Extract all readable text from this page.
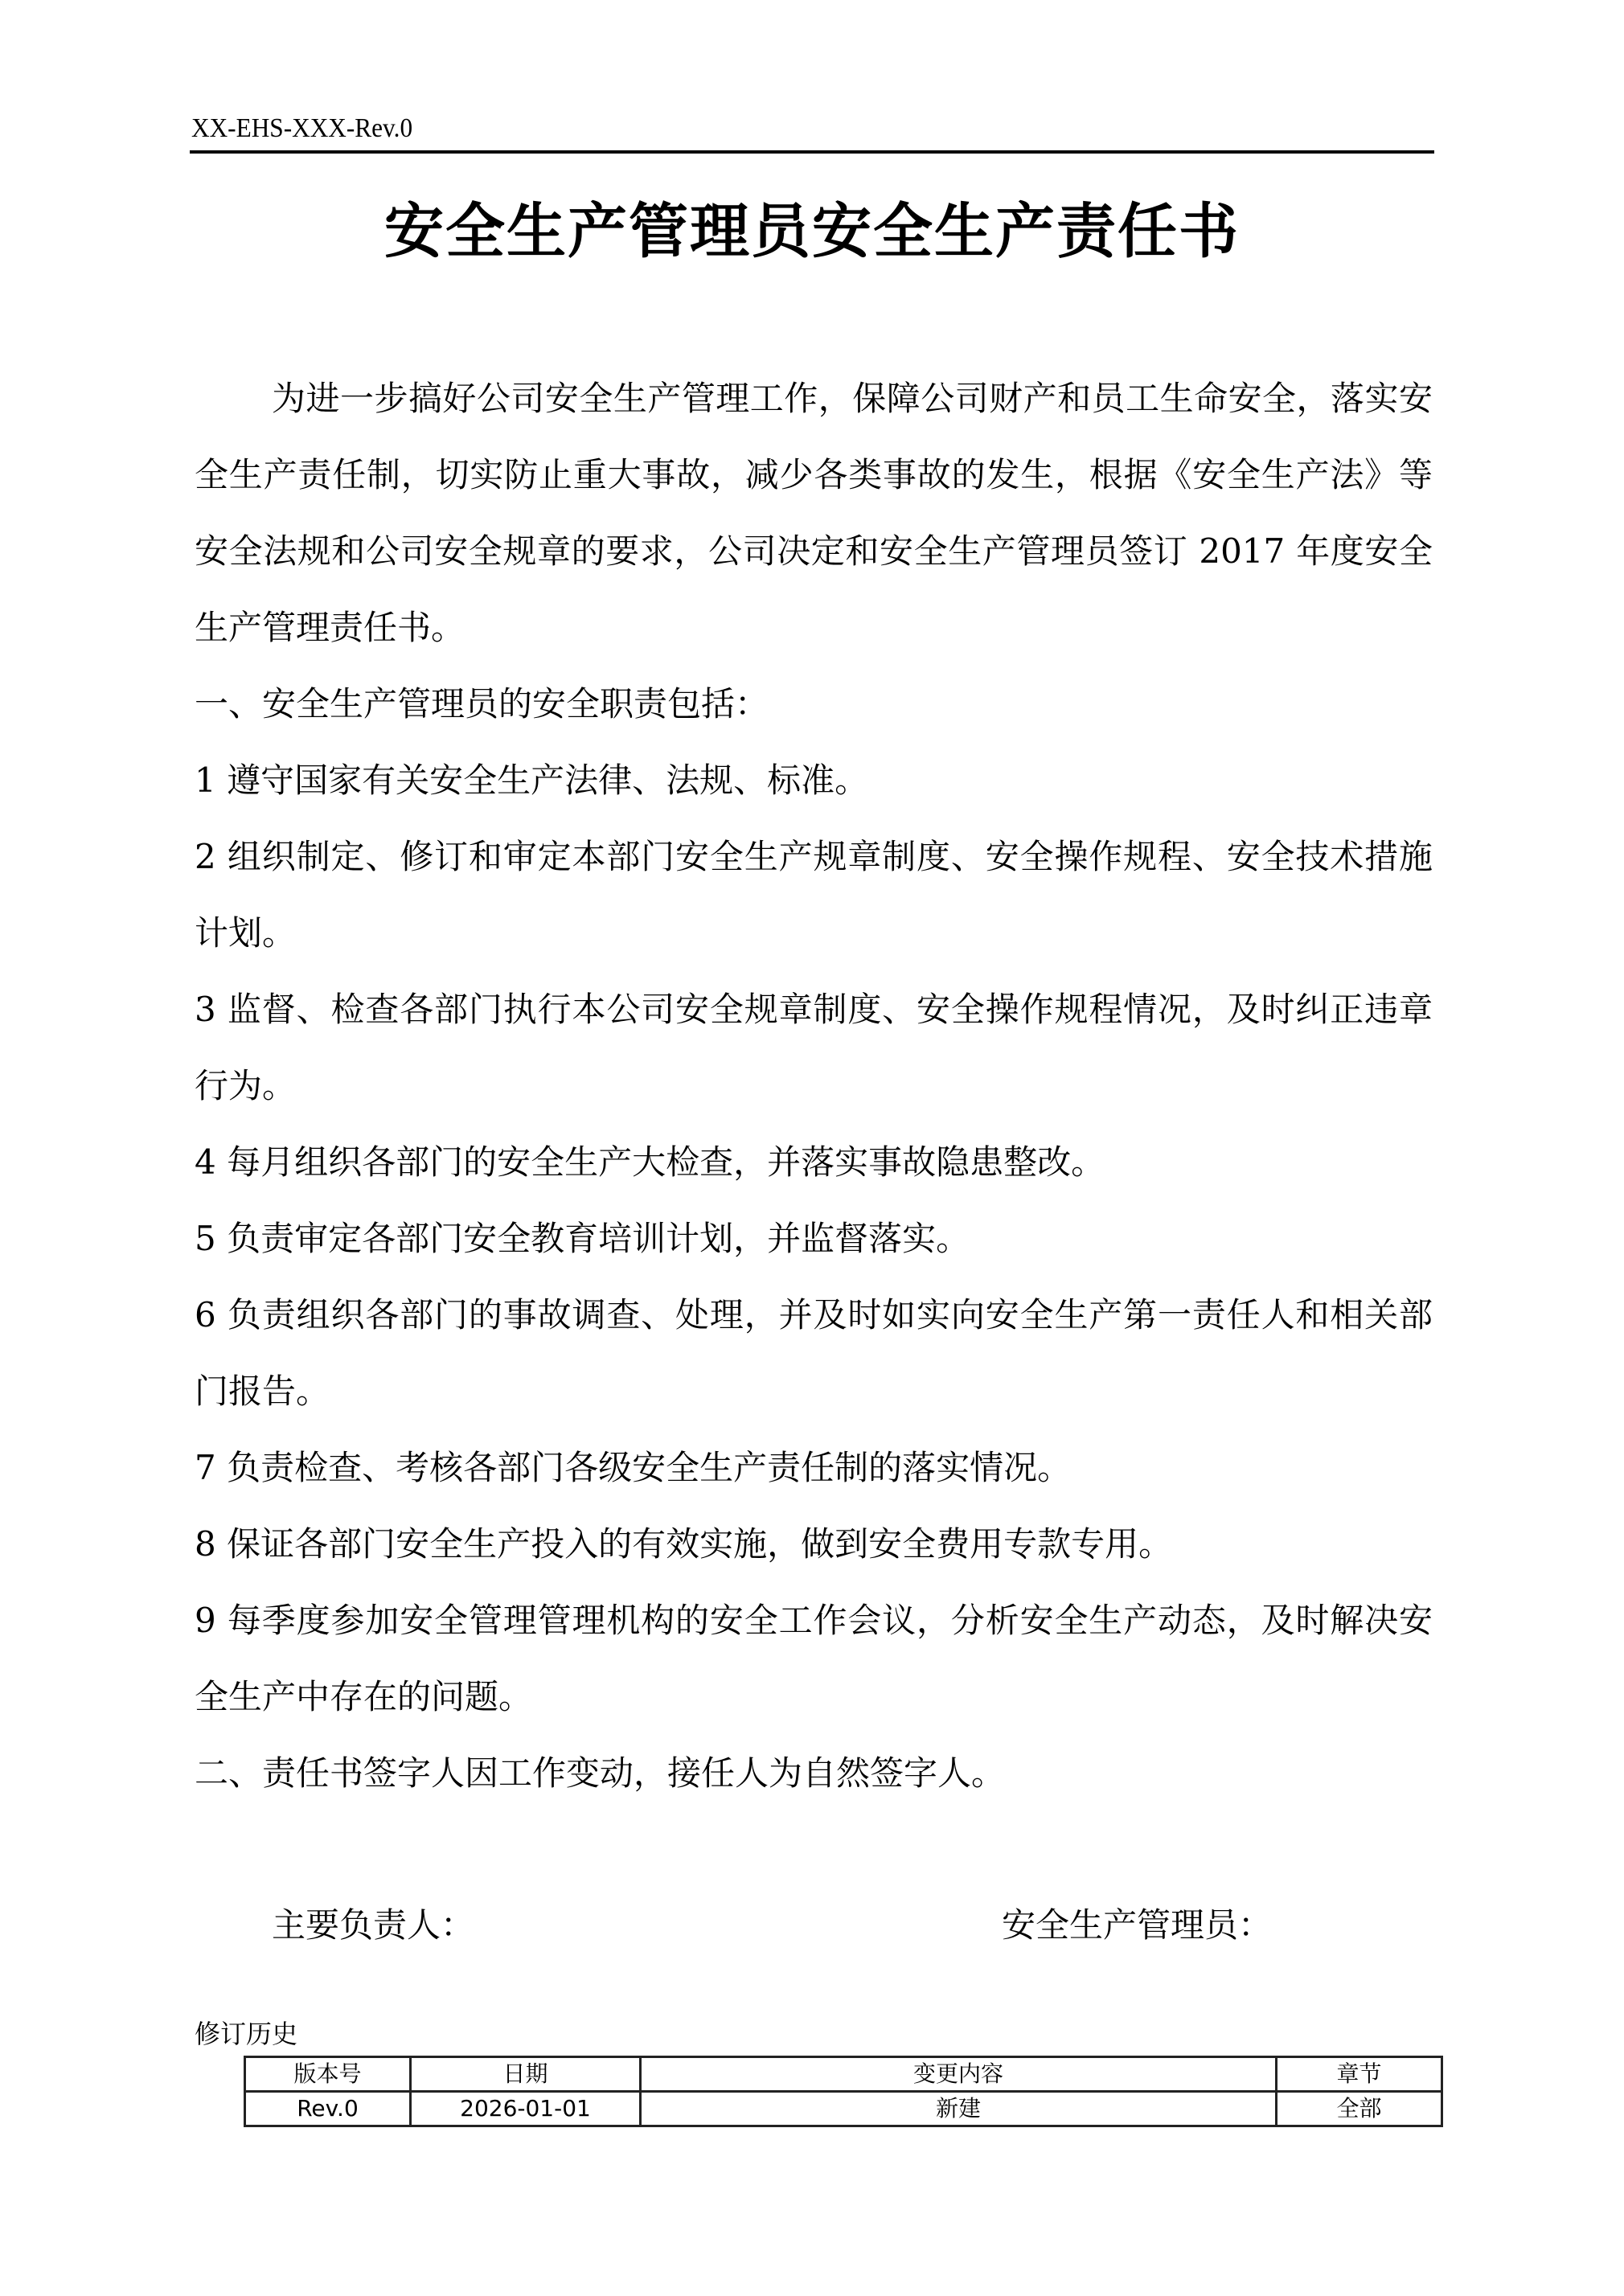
XX-EHS-XXX-Rev.0
安全生产管理员安全生产责任书

为进一步搞好公司安全生产管理工作，保障公司财产和员工生命安全，落实安全生产责任制，切实防止重大事故，减少各类事故的发生，根据《安全生产法》等安全法规和公司安全规章的要求，公司决定和安全生产管理员签订 2017 年度安全生产管理责任书。

一、安全生产管理员的安全职责包括：

1 遵守国家有关安全生产法律、法规、标准。

2 组织制定、修订和审定本部门安全生产规章制度、安全操作规程、安全技术措施计划。

3 监督、检查各部门执行本公司安全规章制度、安全操作规程情况，及时纠正违章行为。

4 每月组织各部门的安全生产大检查，并落实事故隐患整改。

5 负责审定各部门安全教育培训计划，并监督落实。

6 负责组织各部门的事故调查、处理，并及时如实向安全生产第一责任人和相关部门报告。

7 负责检查、考核各部门各级安全生产责任制的落实情况。

8 保证各部门安全生产投入的有效实施，做到安全费用专款专用。

9 每季度参加安全管理管理机构的安全工作会议，分析安全生产动态，及时解决安全生产中存在的问题。

二、责任书签字人因工作变动，接任人为自然签字人。

主要负责人：	安全生产管理员：
修订历史
版本号	日期	变更内容	章节
Rev.0	2026-01-01	新建	全部
